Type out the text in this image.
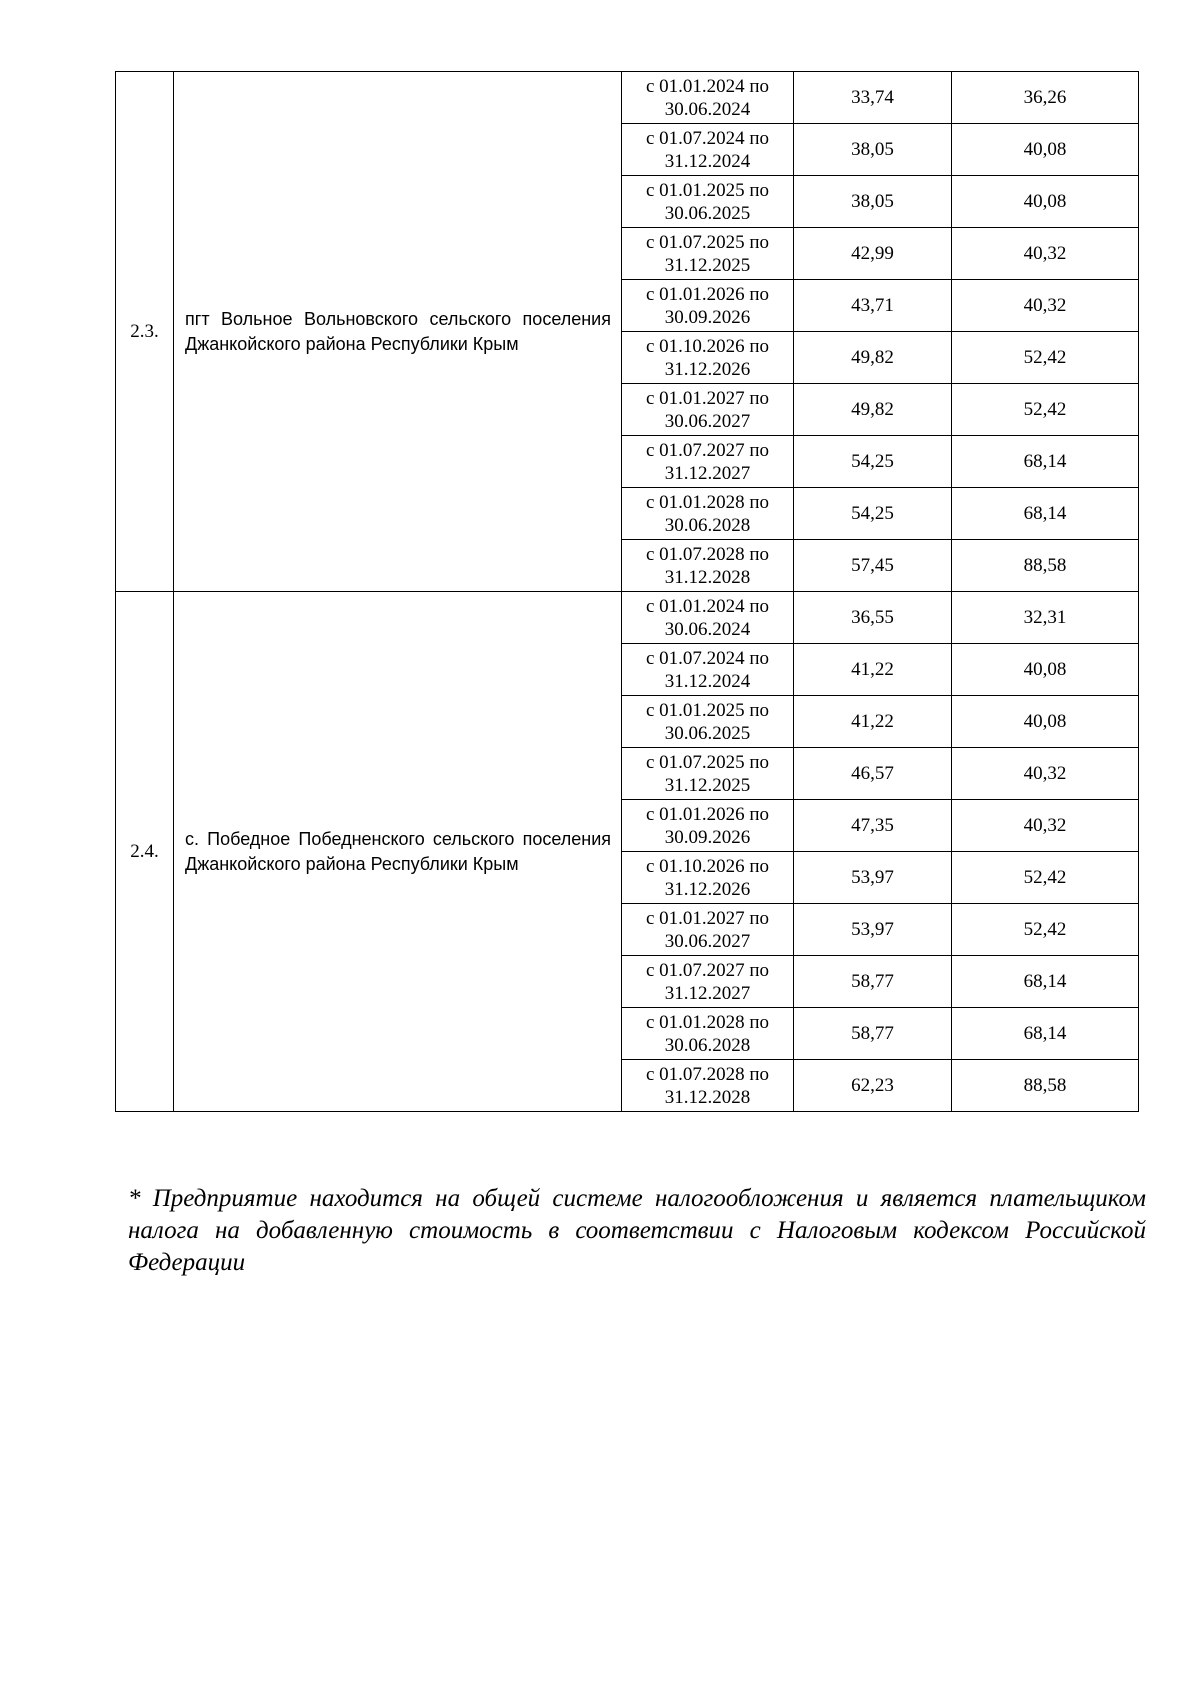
2.3.	пгт Вольное Вольновского сельского поселения Джанкойского района Республики Крым	с 01.01.2024 по
30.06.2024	33,74	36,26

		с 01.07.2024 по
31.12.2024	38,05	40,08

		с 01.01.2025 по
30.06.2025	38,05	40,08

		с 01.07.2025 по
31.12.2025	42,99	40,32

		с 01.01.2026 по
30.09.2026	43,71	40,32

		с 01.10.2026 по
31.12.2026	49,82	52,42

		с 01.01.2027 по
30.06.2027	49,82	52,42

		с 01.07.2027 по
31.12.2027	54,25	68,14

		с 01.01.2028 по
30.06.2028	54,25	68,14

		с 01.07.2028 по
31.12.2028	57,45	88,58
2.4.	с. Победное Победненского сельского поселения Джанкойского района Республики Крым	с 01.01.2024 по
30.06.2024	36,55	32,31

		с 01.07.2024 по
31.12.2024	41,22	40,08

		с 01.01.2025 по
30.06.2025	41,22	40,08

		с 01.07.2025 по
31.12.2025	46,57	40,32

		с 01.01.2026 по
30.09.2026	47,35	40,32

		с 01.10.2026 по
31.12.2026	53,97	52,42

		с 01.01.2027 по
30.06.2027	53,97	52,42

		с 01.07.2027 по
31.12.2027	58,77	68,14

		с 01.01.2028 по
30.06.2028	58,77	68,14

		с 01.07.2028 по
31.12.2028	62,23	88,58
* Предприятие находится на общей системе налогообложения и является плательщиком налога на добавленную стоимость в соответствии с Налоговым кодексом Российской Федерации
